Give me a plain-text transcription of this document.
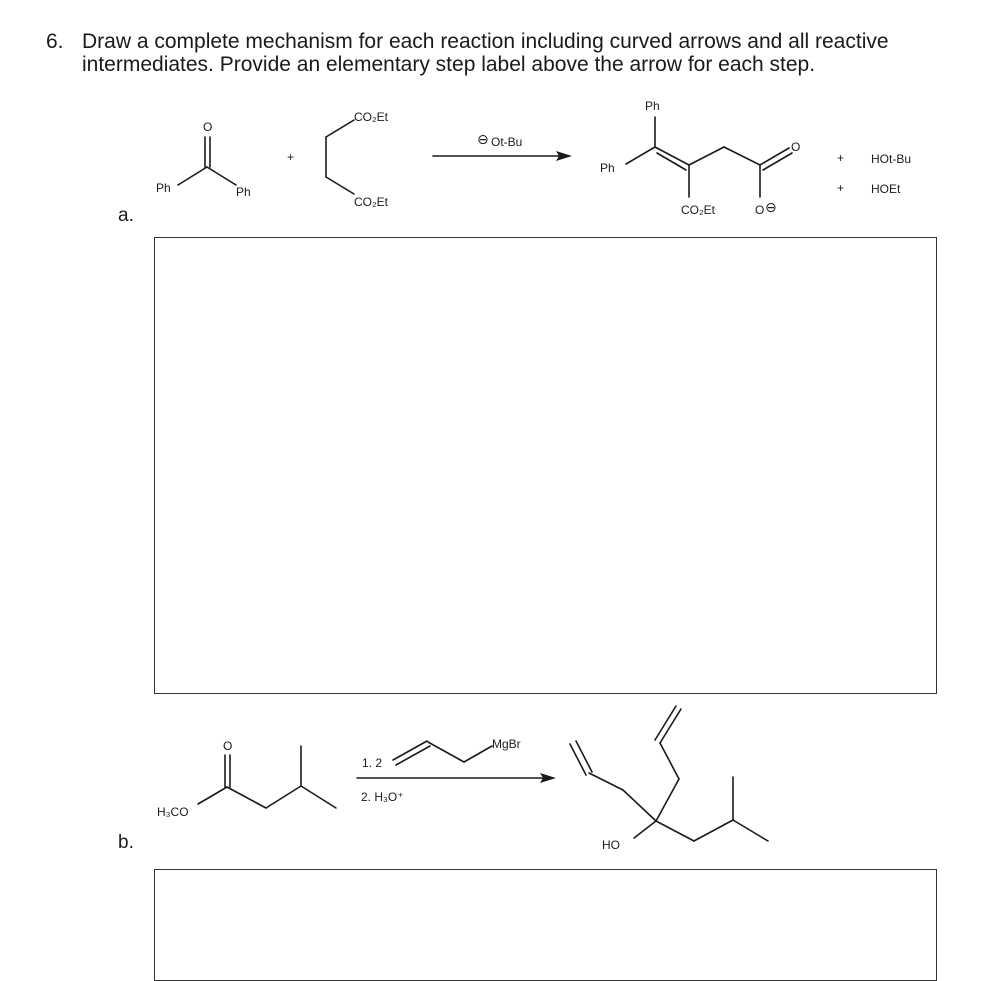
6. Draw a complete mechanism for each reaction including curved arrows and all reactive intermediates. Provide an elementary step label above the arrow for each step.
a.
b.
O
Ph	Ph
+
CO₂Et
CO₂Et
⊖ Ot-Bu
Ph
Ph
CO₂Et
O
O ⊖
+ HOt-Bu
+ HOEt
O
H₃CO
1. 2
MgBr
2. H₃O⁺
HO
